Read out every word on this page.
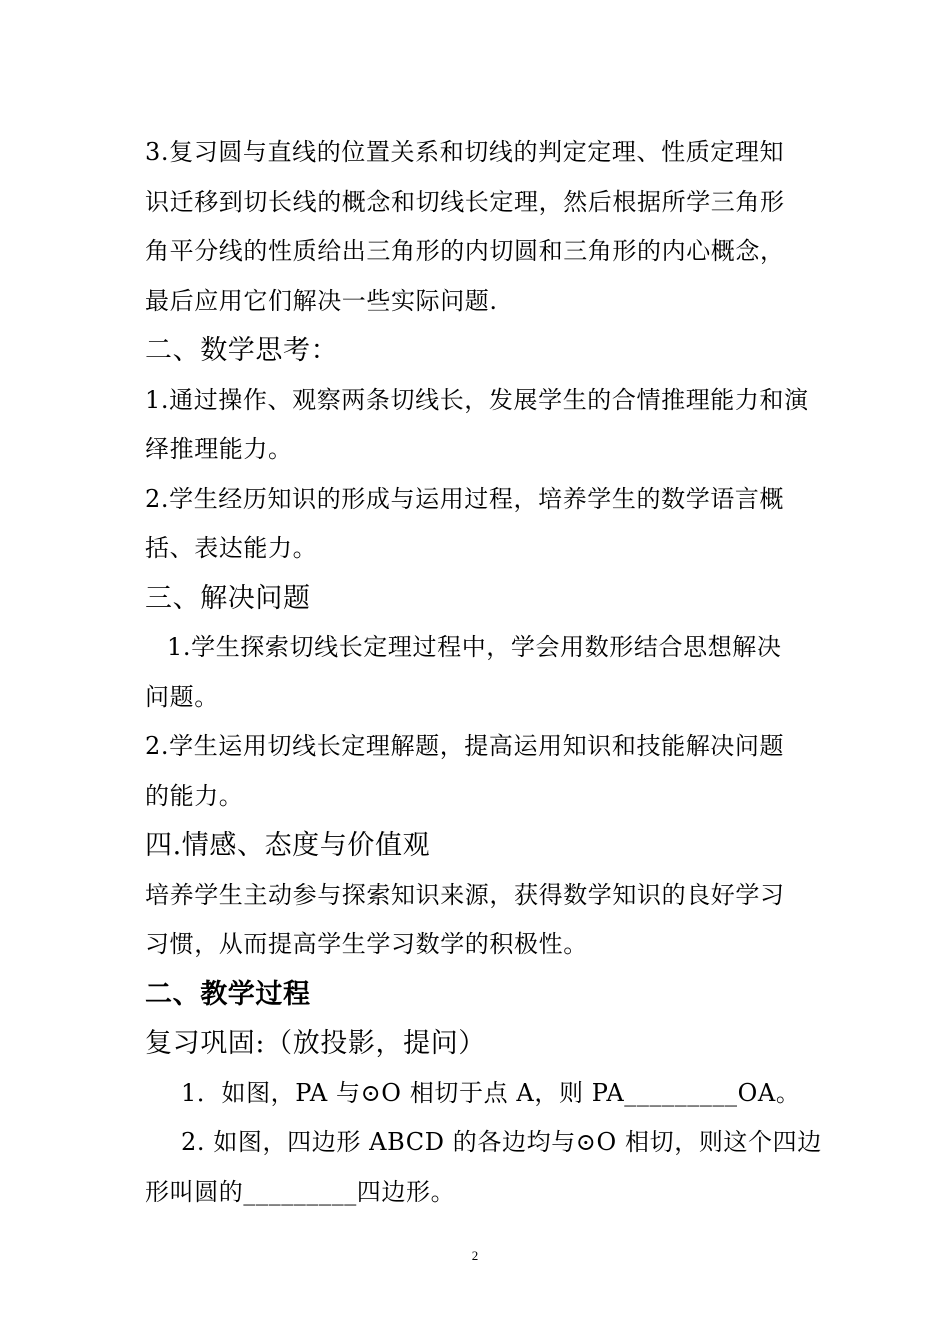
3.复习圆与直线的位置关系和切线的判定定理、性质定理知
识迁移到切长线的概念和切线长定理，然后根据所学三角形
角平分线的性质给出三角形的内切圆和三角形的内心概念，
最后应用它们解决一些实际问题.
二、数学思考：
1.通过操作、观察两条切线长，发展学生的合情推理能力和演
绎推理能力。
2.学生经历知识的形成与运用过程，培养学生的数学语言概
括、表达能力。
三、解决问题
1.学生探索切线长定理过程中，学会用数形结合思想解决
问题。
2.学生运用切线长定理解题，提高运用知识和技能解决问题
的能力。
四.情感、态度与价值观
培养学生主动参与探索知识来源，获得数学知识的良好学习
习惯，从而提高学生学习数学的积极性。
二、教学过程
复习巩固:（放投影，提问）
1．如图，PA 与⊙O 相切于点 A，则 PA_________OA。
2. 如图，四边形 ABCD 的各边均与⊙O 相切，则这个四边
形叫圆的_________四边形。
2
